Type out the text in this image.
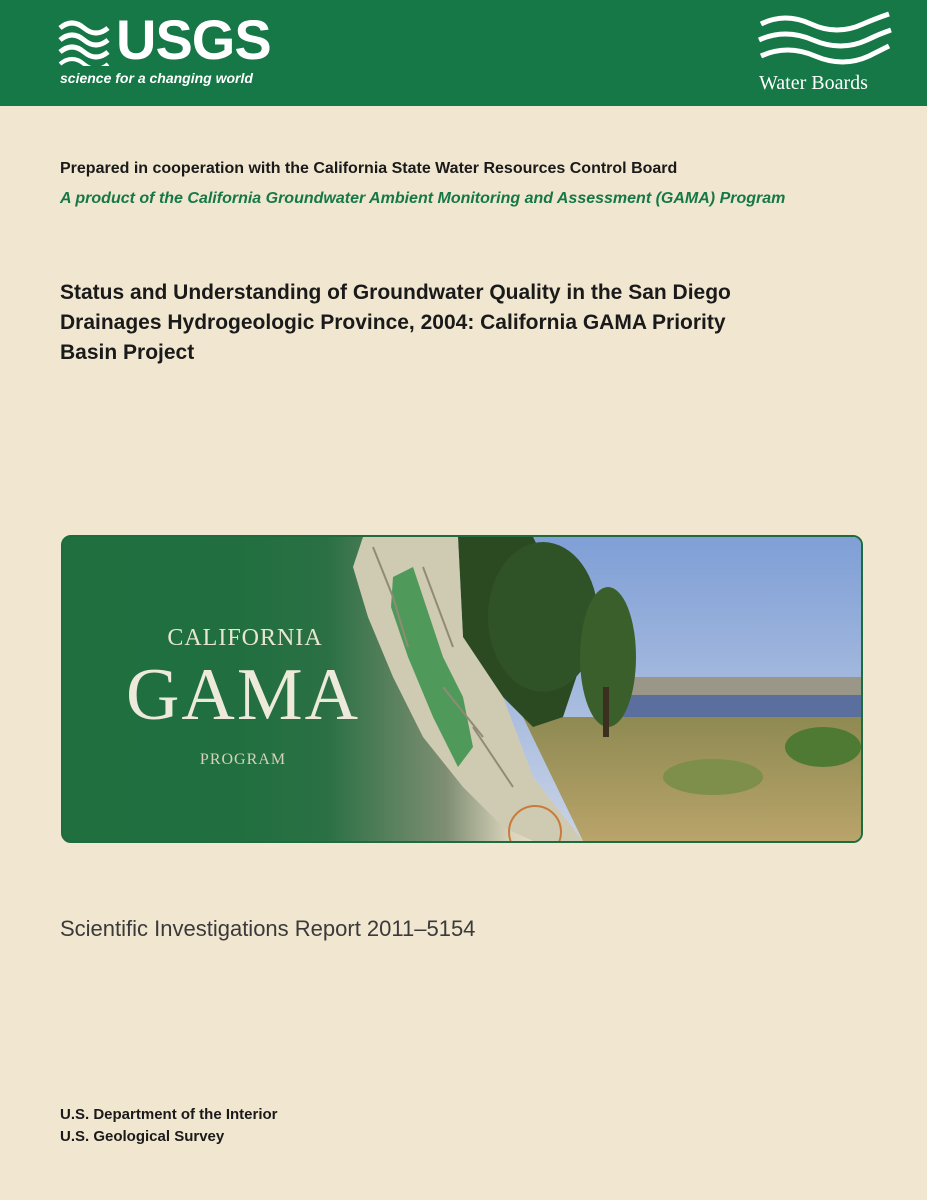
USGS
science for a changing world	Water Boards
Prepared in cooperation with the California State Water Resources Control Board
A product of the California Groundwater Ambient Monitoring and Assessment (GAMA) Program
Status and Understanding of Groundwater Quality in the San Diego
Drainages Hydrogeologic Province, 2004: California GAMA Priority
Basin Project
CALIFORNIA
GAMA
PROGRAM
Scientific Investigations Report 2011–5154
U.S. Department of the Interior
U.S. Geological Survey
